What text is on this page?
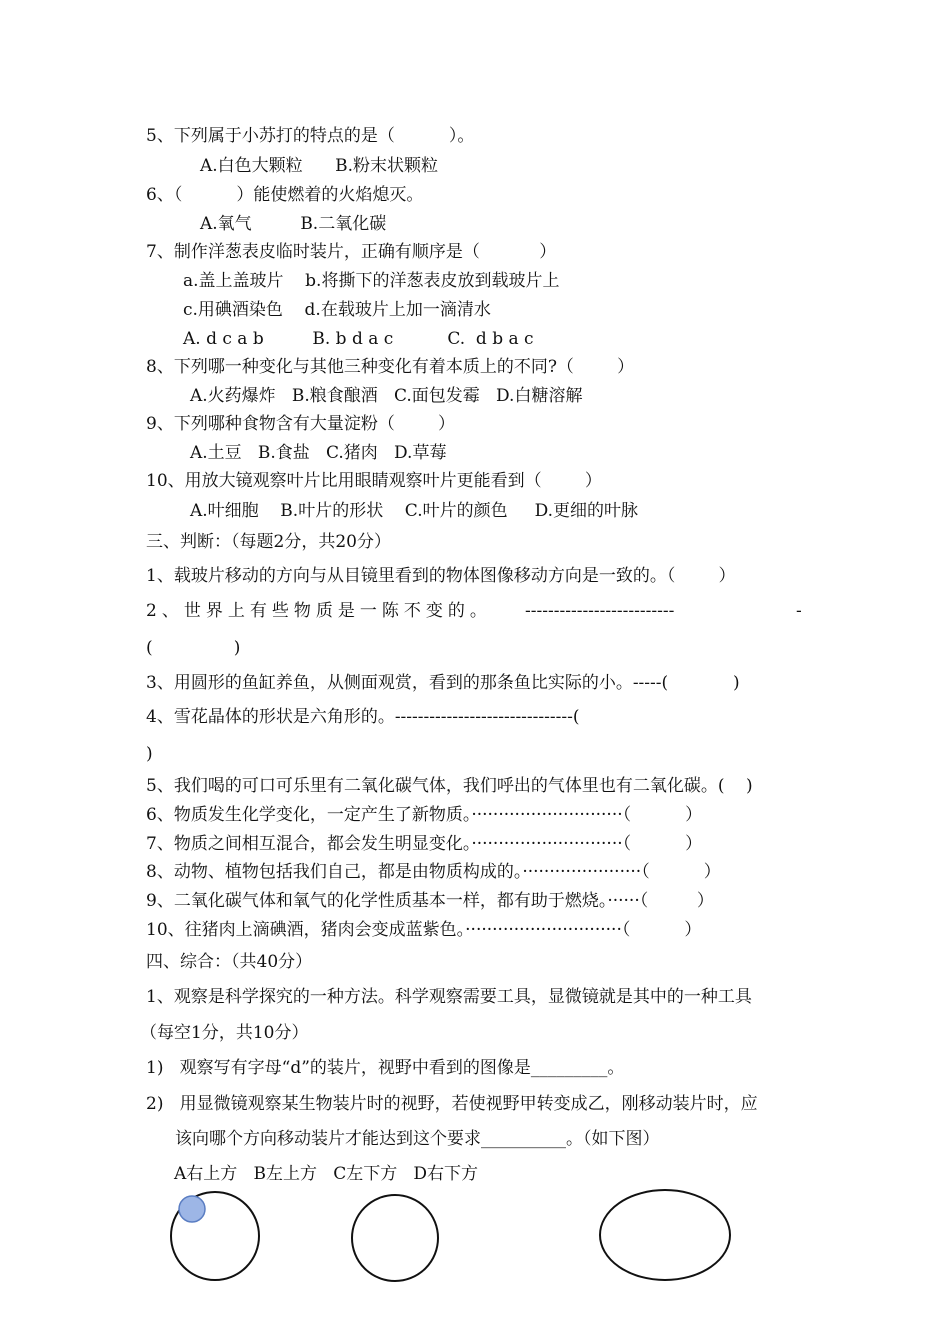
5、下列属于小苏打的特点的是（          ）。
A.白色大颗粒      B.粉末状颗粒
6、（          ）能使燃着的火焰熄灭。
A.氧气         B.二氧化碳
7、制作洋葱表皮临时装片，正确有顺序是（           ）
a.盖上盖玻片    b.将撕下的洋葱表皮放到载玻片上
c.用碘酒染色    d.在载玻片上加一滴清水
A. d c a b         B. b d a c          C.  d b a c
8、下列哪一种变化与其他三种变化有着本质上的不同?（        ）
A.火药爆炸   B.粮食酿酒   C.面包发霉   D.白糖溶解
9、下列哪种食物含有大量淀粉（        ）
A.土豆   B.食盐   C.猪肉   D.草莓
10、用放大镜观察叶片比用眼睛观察叶片更能看到（        ）
A.叶细胞    B.叶片的形状    C.叶片的颜色     D.更细的叶脉
三、判断：（每题2分，共20分）
1、载玻片移动的方向与从目镜里看到的物体图像移动方向是一致的。（        ）
2、世界上有些物质是一陈不变的。 --------------------------	-
(               )
3、用圆形的鱼缸养鱼，从侧面观赏，看到的那条鱼比实际的小。-----(            )
4、雪花晶体的形状是六角形的。-------------------------------(
)
5、我们喝的可口可乐里有二氧化碳气体，我们呼出的气体里也有二氧化碳。(    )
6、物质发生化学变化，一定产生了新物质。····························（          ）
7、物质之间相互混合，都会发生明显变化。····························（          ）
8、动物、植物包括我们自己，都是由物质构成的。······················（          ）
9、二氧化碳气体和氧气的化学性质基本一样，都有助于燃烧。······（         ）
10、往猪肉上滴碘酒，猪肉会变成蓝紫色。·····························（          ）
四、综合：（共40分）
1、观察是科学探究的一种方法。科学观察需要工具，显微镜就是其中的一种工具
（每空1分，共10分）
1)   观察写有字母“d”的装片，视野中看到的图像是_________。
2)   用显微镜观察某生物装片时的视野，若使视野甲转变成乙，刚移动装片时，应
该向哪个方向移动装片才能达到这个要求__________。（如下图）
A右上方   B左上方   C左下方   D右下方
